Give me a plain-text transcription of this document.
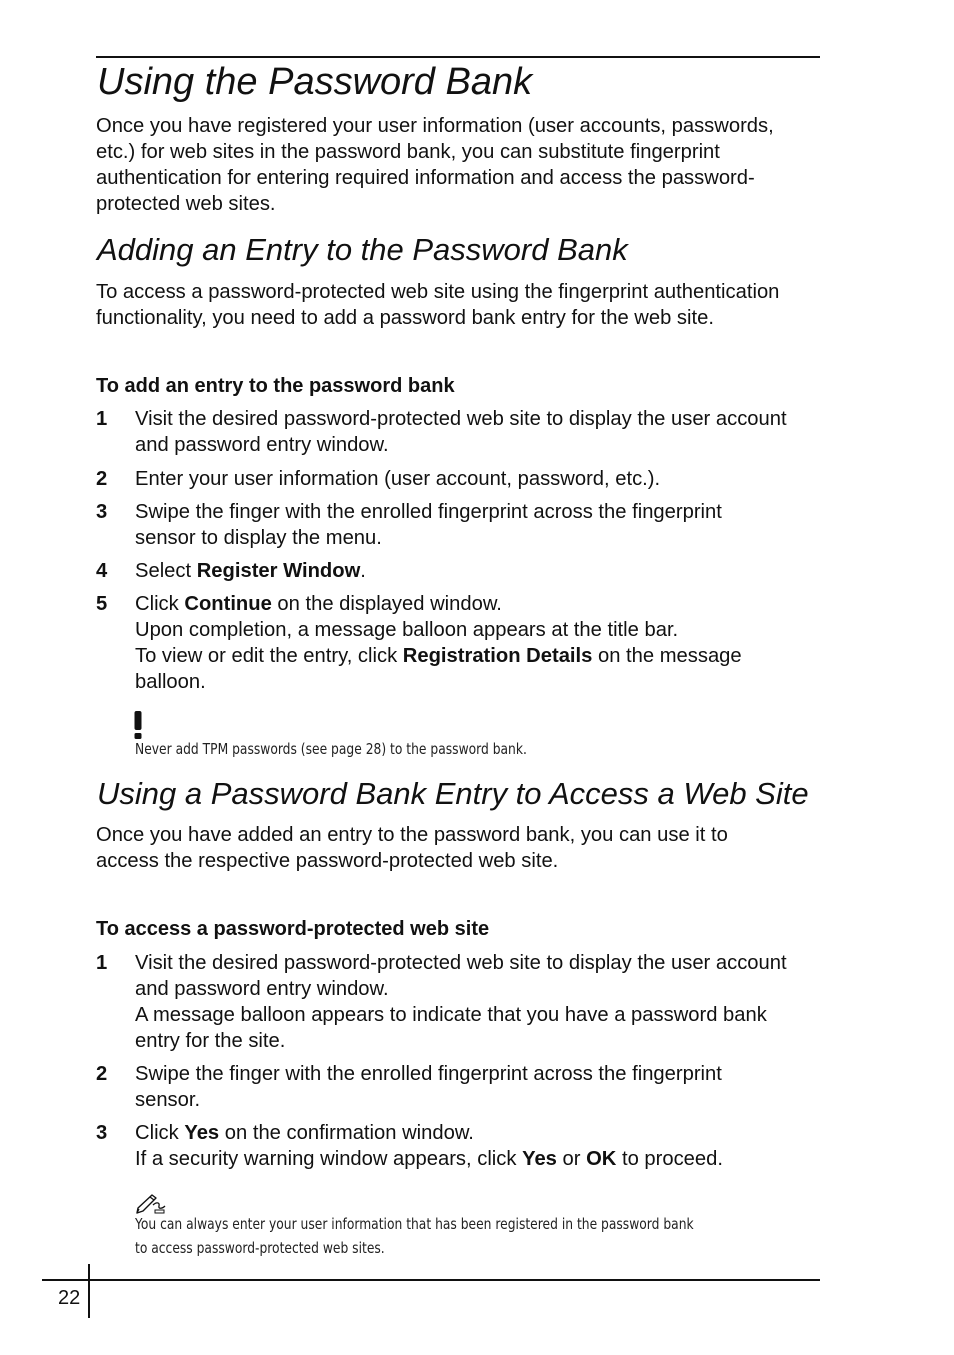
Using the Password Bank
Once you have registered your user information (user accounts, passwords,
etc.) for web sites in the password bank, you can substitute fingerprint
authentication for entering required information and access the password-
protected web sites.
Adding an Entry to the Password Bank
To access a password-protected web site using the fingerprint authentication
functionality, you need to add a password bank entry for the web site.
To add an entry to the password bank
1 Visit the desired password-protected web site to display the user account
and password entry window.
2 Enter your user information (user account, password, etc.).
3 Swipe the finger with the enrolled fingerprint across the fingerprint
sensor to display the menu.
4 Select Register Window.
5 Click Continue on the displayed window.
Upon completion, a message balloon appears at the title bar.
To view or edit the entry, click Registration Details on the message
balloon.
Never add TPM passwords (see page 28) to the password bank.
Using a Password Bank Entry to Access a Web Site
Once you have added an entry to the password bank, you can use it to
access the respective password-protected web site.
To access a password-protected web site
1 Visit the desired password-protected web site to display the user account
and password entry window.
A message balloon appears to indicate that you have a password bank
entry for the site.
2 Swipe the finger with the enrolled fingerprint across the fingerprint
sensor.
3 Click Yes on the confirmation window.
If a security warning window appears, click Yes or OK to proceed.
You can always enter your user information that has been registered in the password bank
to access password-protected web sites.
22
